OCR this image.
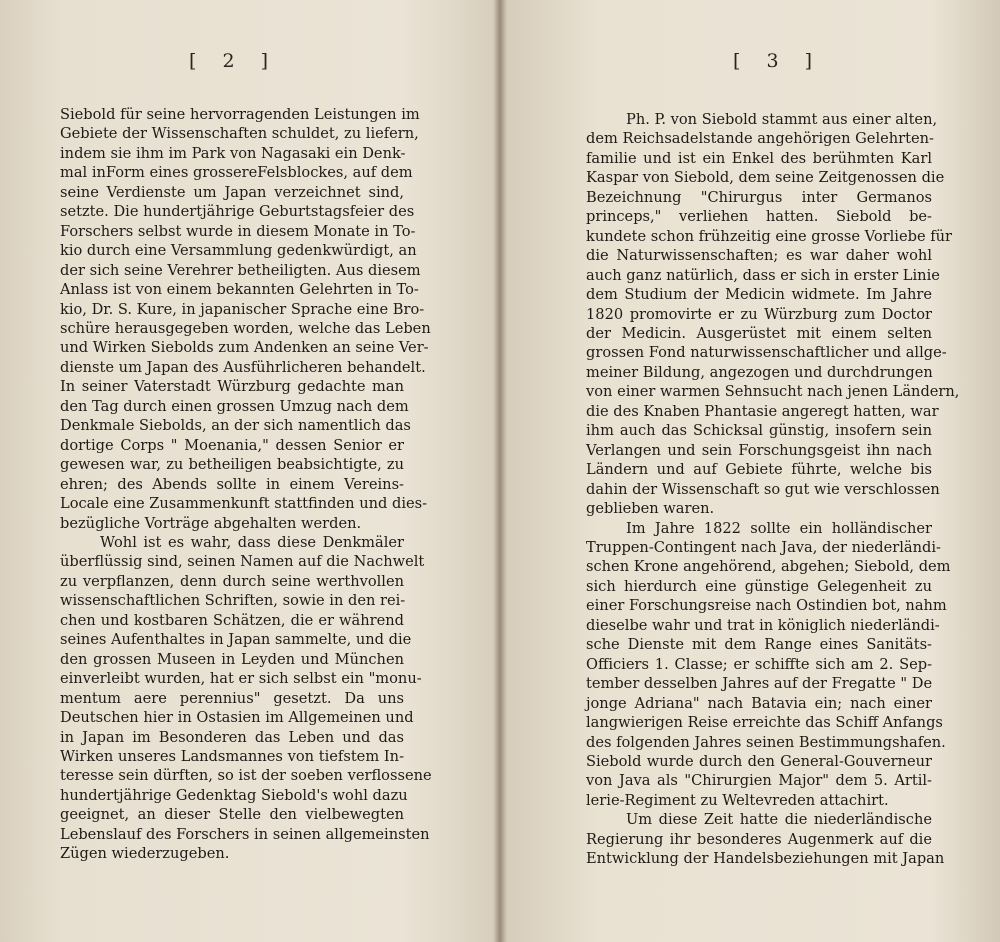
[ 2 ]
Siebold für seine hervorragenden Leistungen im
Gebiete der Wissenschaften schuldet, zu liefern,
indem sie ihm im Park von Nagasaki ein Denk-
mal inForm eines grossereFelsblockes, auf dem
seine Verdienste um Japan verzeichnet sind,
setzte. Die hundertjährige Geburtstagsfeier des
Forschers selbst wurde in diesem Monate in To-
kio durch eine Versammlung gedenkwürdigt, an
der sich seine Verehrer betheiligten. Aus diesem
Anlass ist von einem bekannten Gelehrten in To-
kio, Dr. S. Kure, in japanischer Sprache eine Bro-
schüre herausgegeben worden, welche das Leben
und Wirken Siebolds zum Andenken an seine Ver-
dienste um Japan des Ausführlicheren behandelt.
In seiner Vaterstadt Würzburg gedachte man
den Tag durch einen grossen Umzug nach dem
Denkmale Siebolds, an der sich namentlich das
dortige Corps " Moenania," dessen Senior er
gewesen war, zu betheiligen beabsichtigte, zu
ehren; des Abends sollte in einem Vereins-
Locale eine Zusammenkunft stattfinden und dies-
bezügliche Vorträge abgehalten werden.
Wohl ist es wahr, dass diese Denkmäler
überflüssig sind, seinen Namen auf die Nachwelt
zu verpflanzen, denn durch seine werthvollen
wissenschaftlichen Schriften, sowie in den rei-
chen und kostbaren Schätzen, die er während
seines Aufenthaltes in Japan sammelte, und die
den grossen Museen in Leyden und München
einverleibt wurden, hat er sich selbst ein "monu-
mentum aere perennius" gesetzt. Da uns
Deutschen hier in Ostasien im Allgemeinen und
in Japan im Besonderen das Leben und das
Wirken unseres Landsmannes von tiefstem In-
teresse sein dürften, so ist der soeben verflossene
hundertjährige Gedenktag Siebold's wohl dazu
geeignet, an dieser Stelle den vielbewegten
Lebenslauf des Forschers in seinen allgemeinsten
Zügen wiederzugeben.
[ 3 ]
Ph. P. von Siebold stammt aus einer alten,
dem Reichsadelstande angehörigen Gelehrten-
familie und ist ein Enkel des berühmten Karl
Kaspar von Siebold, dem seine Zeitgenossen die
Bezeichnung "Chirurgus inter Germanos
princeps," verliehen hatten. Siebold be-
kundete schon frühzeitig eine grosse Vorliebe für
die Naturwissenschaften; es war daher wohl
auch ganz natürlich, dass er sich in erster Linie
dem Studium der Medicin widmete. Im Jahre
1820 promovirte er zu Würzburg zum Doctor
der Medicin. Ausgerüstet mit einem selten
grossen Fond naturwissenschaftlicher und allge-
meiner Bildung, angezogen und durchdrungen
von einer warmen Sehnsucht nach jenen Ländern,
die des Knaben Phantasie angeregt hatten, war
ihm auch das Schicksal günstig, insofern sein
Verlangen und sein Forschungsgeist ihn nach
Ländern und auf Gebiete führte, welche bis
dahin der Wissenschaft so gut wie verschlossen
geblieben waren.
Im Jahre 1822 sollte ein holländischer
Truppen-Contingent nach Java, der niederländi-
schen Krone angehörend, abgehen; Siebold, dem
sich hierdurch eine günstige Gelegenheit zu
einer Forschungsreise nach Ostindien bot, nahm
dieselbe wahr und trat in königlich niederländi-
sche Dienste mit dem Range eines Sanitäts-
Officiers 1. Classe; er schiffte sich am 2. Sep-
tember desselben Jahres auf der Fregatte " De
jonge Adriana" nach Batavia ein; nach einer
langwierigen Reise erreichte das Schiff Anfangs
des folgenden Jahres seinen Bestimmungshafen.
Siebold wurde durch den General-Gouverneur
von Java als "Chirurgien Major" dem 5. Artil-
lerie-Regiment zu Weltevreden attachirt.
Um diese Zeit hatte die niederländische
Regierung ihr besonderes Augenmerk auf die
Entwicklung der Handelsbeziehungen mit Japan
